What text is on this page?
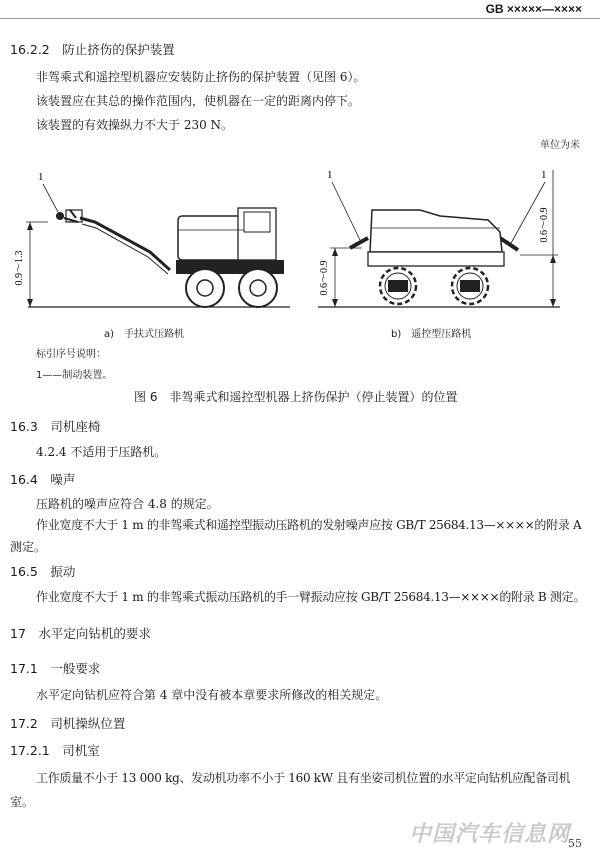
GB ×××××—××××
16.2.2　 防止挤伤的保护装置
非驾乘式和遥控型机器应安装防止挤伤的保护装置（见图 6）。
该装置应在其总的操作范围内，使机器在一定的距离内停下。
该装置的有效操纵力不大于 230 N。
单位为米
0.9～1.3
1
0.6～0.9
0.6～0.9
1	1
a)　手扶式压路机	b)　遥控型压路机
标引序号说明：
1——制动装置。
图 6　非驾乘式和遥控型机器上挤伤保护（停止装置）的位置
16.3　 司机座椅
4.2.4 不适用于压路机。
16.4　 噪声
压路机的噪声应符合 4.8 的规定。
作业宽度不大于 1 m 的非驾乘式和遥控型振动压路机的发射噪声应按 GB/T 25684.13—××××的附录 A
测定。
16.5　 振动
作业宽度不大于 1 m 的非驾乘式振动压路机的手一臂振动应按 GB/T 25684.13—××××的附录 B 测定。
17　 水平定向钻机的要求
17.1　 一般要求
水平定向钻机应符合第 4 章中没有被本章要求所修改的相关规定。
17.2　 司机操纵位置
17.2.1　 司机室
工作质量不小于 13 000 kg、发动机功率不小于 160 kW 且有坐姿司机位置的水平定向钻机应配备司机
室。
中国汽车信息网
55
